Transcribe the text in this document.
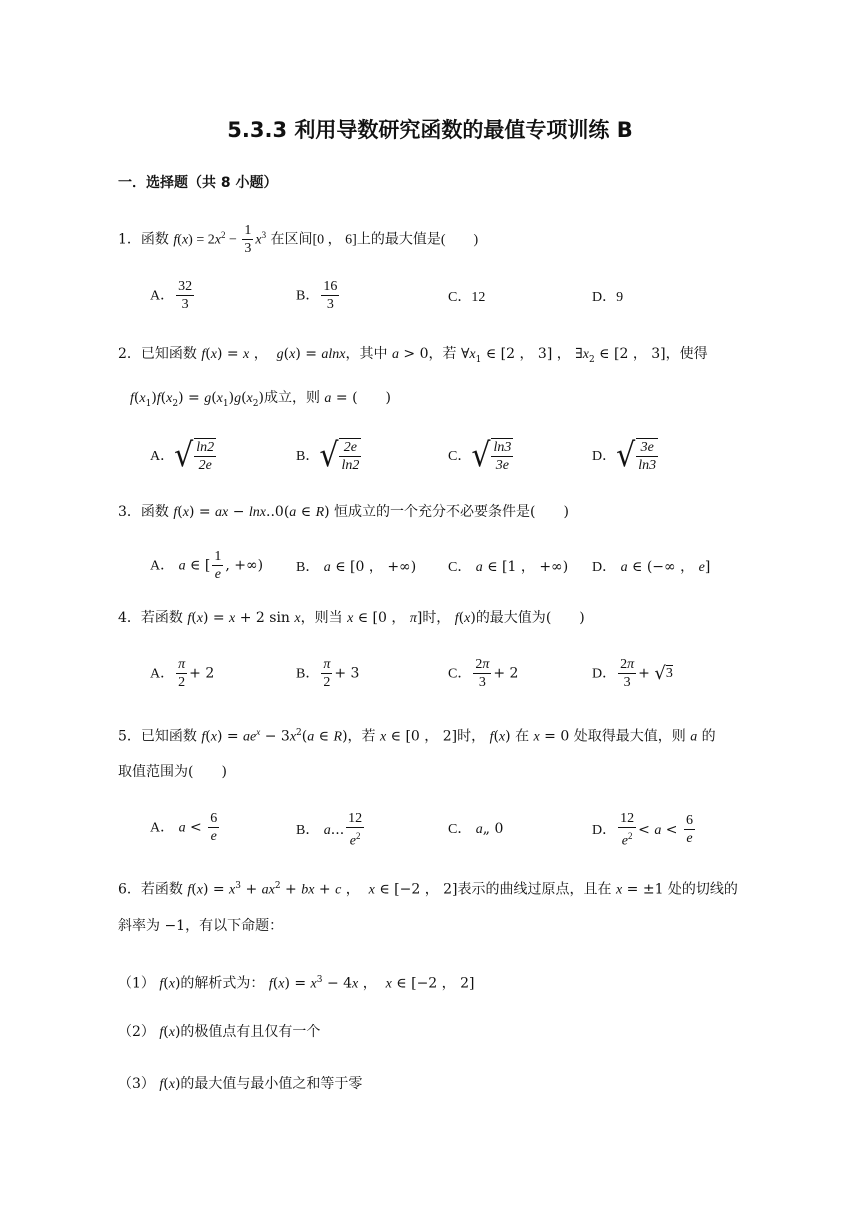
5.3.3 利用导数研究函数的最值专项训练 B
一．选择题（共 8 小题）
1．函数 $f(x) = 2x^2 - \frac{1}{3} x^3$ 在区间[0 ， 6]上的最大值是(　　)
A． $\frac{32}{3}$	B． $\frac{16}{3}$	C．12	D．9
2．已知函数 f(x) = x ，  g(x) = alnx，其中 a > 0，若 $\forall x_1$ ∈ [2 ， 3] ， $\exists x_2$ ∈ [2 ， 3]，使得
$f(x_1)f(x_2) = g(x_1)g(x_2)$成立，则 a = (　　)
A． √ $\frac{\ln 2}{2e}$	B． √ $\frac{2e}{\ln 2}$	C． √ $\frac{\ln 3}{3e}$	D． √ $\frac{3e}{\ln 3}$
3．函数 f(x) = ax − lnx..0(a ∈ R) 恒成立的一个充分不必要条件是(　　)
A． a ∈ [ $\frac{1}{e}$ , +∞) B． a ∈ [0 ， +∞) C． a ∈ [1 ， +∞) D． a ∈ (−∞ ， e]
4．若函数 f(x) = x + 2 sin x，则当 x ∈ [0 ， π]时， f(x)的最大值为(　　)
A． $\frac{\pi}{2} + 2$	B． $\frac{\pi}{2} + 3$	C． $\frac{2\pi}{3} + 2$	D． $\frac{2\pi}{3}$ + √ 3
5．已知函数 $f(x) = ae^x - 3x^2(a$ ∈ R)，若 x ∈ [0 ， 2]时， f(x) 在 x = 0 处取得最大值，则 a 的
取值范围为(　　)
A． $a < \frac{6}{e}$	B． a... $\frac{12}{e^2}$	C． a„ 0	D． $\frac{12}{e^2} < a < \frac{6}{e}$
6．若函数 $f(x) = x^3 + ax^2$ + bx + c ，  x ∈ [−2 ， 2]表示的曲线过原点，且在 x = ±1 处的切线的
斜率为 −1，有以下命题：
（1） f(x)的解析式为： $f(x) = x^3 - 4x$ ，  x ∈ [−2 ， 2]
（2） f(x)的极值点有且仅有一个
（3） f(x)的最大值与最小值之和等于零
